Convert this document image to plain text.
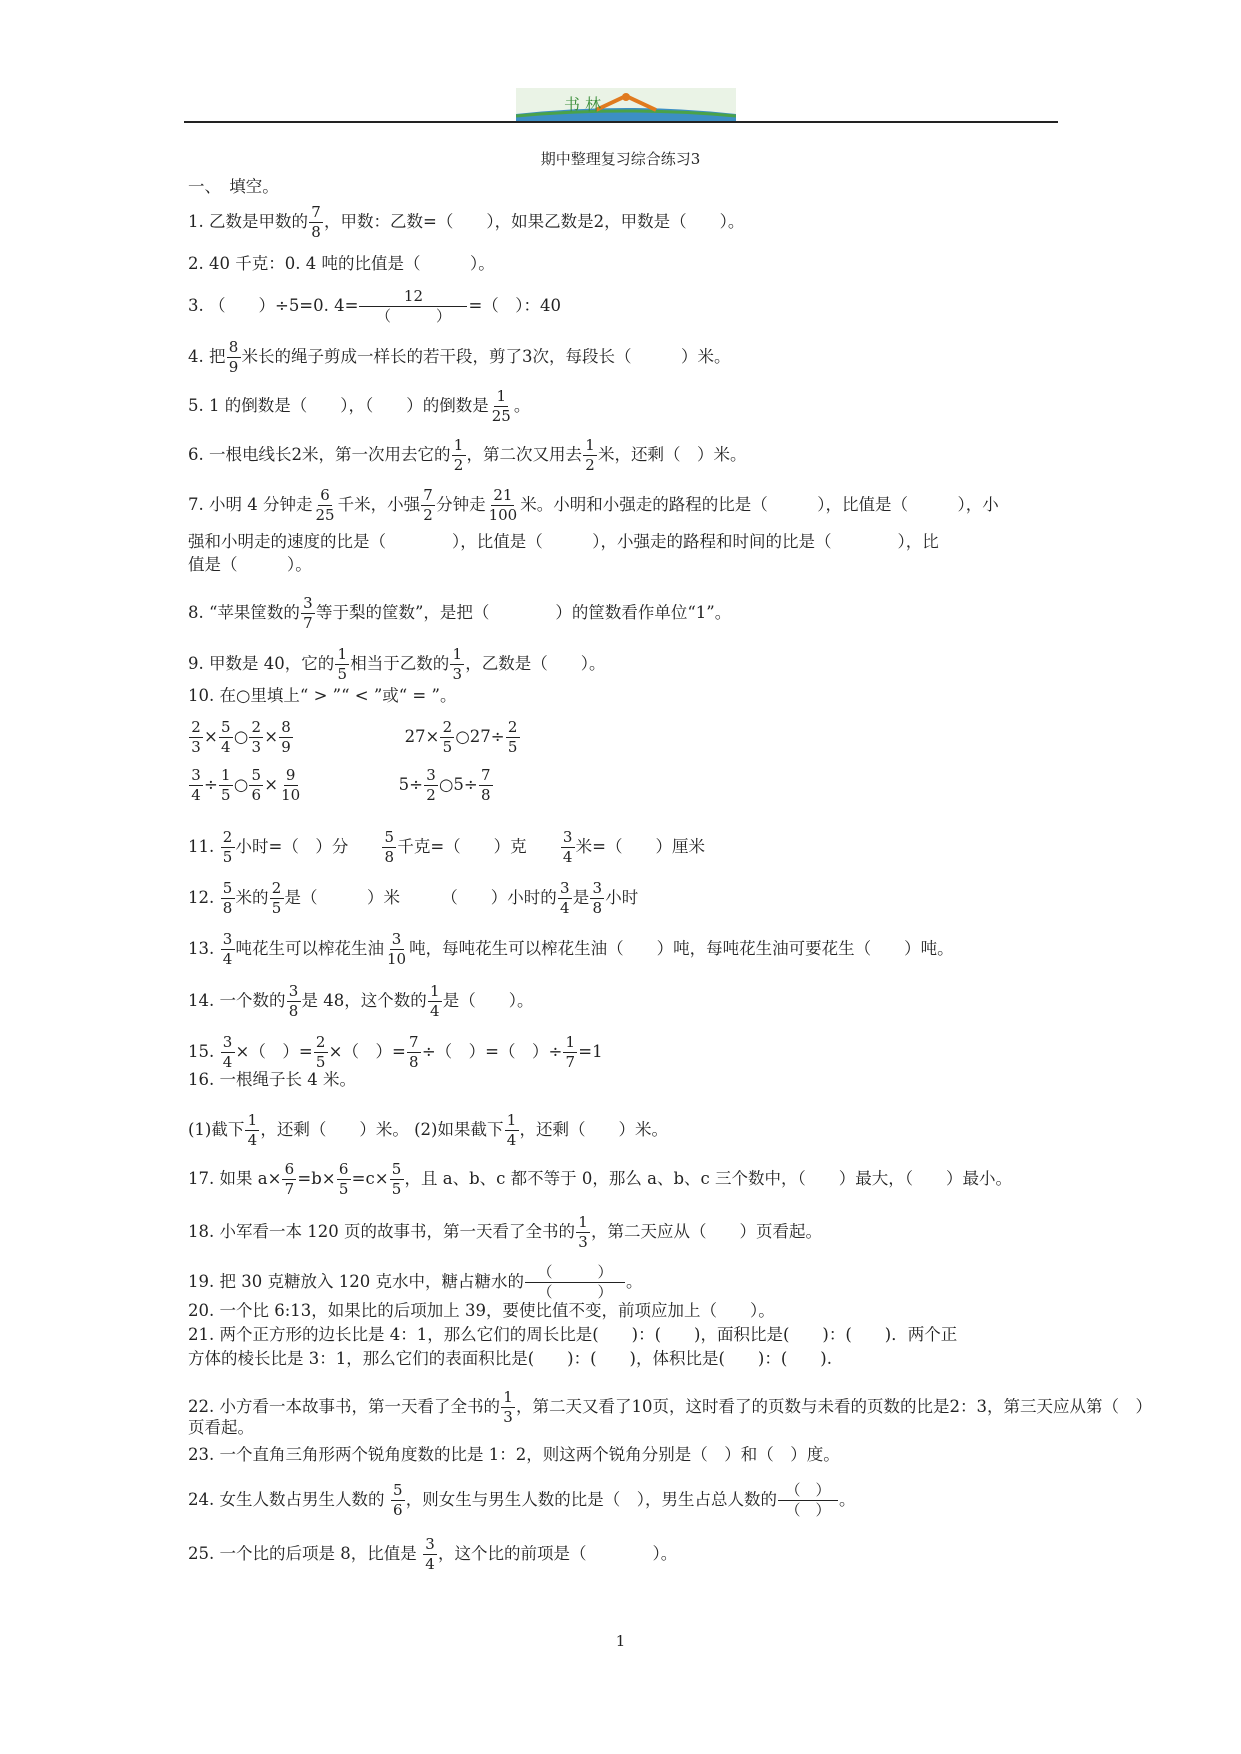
书 林
期中整理复习综合练习3
一、　填空。
1. 乙数是甲数的 $\frac{7}{8}$ ，甲数：乙数=（　　），如果乙数是2，甲数是（　　）。
2. 40 千克：0. 4 吨的比值是（　　　）。
3. （　　）÷5=0. $4= \frac{12}{( )}$ =（　）：40
4. 把 $\frac{8}{9}$ 米长的绳子剪成一样长的若干段，剪了3次，每段长（　　　）米。
5. 1 的倒数是（　　），（　　）的倒数是 $\frac{1}{25}$ 。
6. 一根电线长2米，第一次用去它的 $\frac{1}{2}$ ，第二次又用去 $\frac{1}{2}$ 米，还剩（　）米。
7. 小明 4 分钟走 $\frac{6}{25}$ 千米，小强 $\frac{7}{2}$ 分钟走 $\frac{21}{100}$ 米。小明和小强走的路程的比是（　　　），比值是（　　　），小
强和小明走的速度的比是（　　　　），比值是（　　　），小强走的路程和时间的比是（　　　　），比
值是（　　　）。
8. “苹果筐数的 $\frac{3}{7}$ 等于梨的筐数”，是把（　　　　）的筐数看作单位“1”。
9. 甲数是 40，它的 $\frac{1}{5}$ 相当于乙数的 $\frac{1}{3}$ ，乙数是（　　）。
10. 在○里填上“ > ”“ < ”或“ = ”。
$\frac{2}{3} \times \frac{5}{4}$ ○ $\frac{2}{3} \times \frac{8}{9}$	$27\times \frac{2}{5}$ ○27÷ $\frac{2}{5}$
$\frac{3}{4} \div \frac{1}{5}$ ○ $\frac{5}{6} \times \frac{9}{10}$	$5\div \frac{3}{2}$ ○5÷ $\frac{7}{8}$
11. $\frac{2}{5}$ 小时=（　）分　　 $\frac{5}{8}$ 千克=（　　）克　　 $\frac{3}{4}$ 米=（　　）厘米
12. $\frac{5}{8}$ 米的 $\frac{2}{5}$ 是（　　　）米　　　（　　）小时的 $\frac{3}{4}$ 是 $\frac{3}{8}$ 小时
13. $\frac{3}{4}$ 吨花生可以榨花生油 $\frac{3}{10}$ 吨，每吨花生可以榨花生油（　　）吨，每吨花生油可要花生（　　）吨。
14. 一个数的 $\frac{3}{8}$ 是 48，这个数的 $\frac{1}{4}$ 是（　　）。
15. $\frac{3}{4}$ ×（　）= $\frac{2}{5}$ ×（　）= $\frac{7}{8}$ ÷（　）=（　）÷ $\frac{1}{7} =1$
16. 一根绳子长 4 米。
(1)截下 $\frac{1}{4}$ ，还剩（　　）米。 (2)如果截下 $\frac{1}{4}$ ，还剩（　　）米。
17. 如果 $a\times \frac{6}{7} =b\times \frac{6}{5} =c\times \frac{5}{5}$ ，且 a、b、c 都不等于 0，那么 a、b、c 三个数中，（　　）最大，（　　）最小。
18. 小军看一本 120 页的故事书，第一天看了全书的 $\frac{1}{3}$ ，第二天应从（　　）页看起。
19. 把 30 克糖放入 120 克水中，糖占糖水的 $\frac{( )}{( )}$ 。
20. 一个比 6:13，如果比的后项加上 39，要使比值不变，前项应加上（　　）。
21. 两个正方形的边长比是 4：1，那么它们的周长比是(　　)：(　　)，面积比是(　　)：(　　)．两个正
方体的棱长比是 3：1，那么它们的表面积比是(　　)：(　　)，体积比是(　　)：(　　).
22. 小方看一本故事书，第一天看了全书的 $\frac{1}{3}$ ，第二天又看了10页，这时看了的页数与未看的页数的比是2：3，第三天应从第（　）
页看起。
23. 一个直角三角形两个锐角度数的比是 1：2，则这两个锐角分别是（　）和（　）度。
24. 女生人数占男生人数的 $\frac{5}{6}$ ，则女生与男生人数的比是（　），男生占总人数的 $\frac{( )}{( )}$ 。
25. 一个比的后项是 8，比值是 $\frac{3}{4}$ ，这个比的前项是（　　　　）。
1
